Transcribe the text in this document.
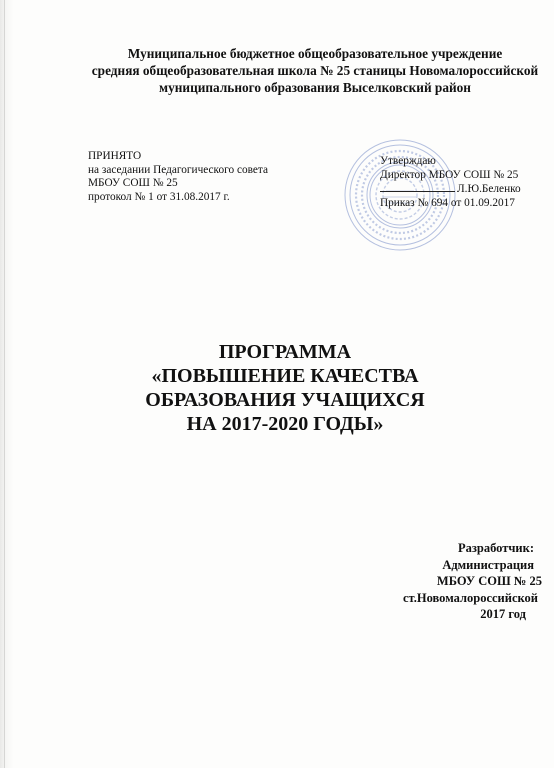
Муниципальное бюджетное общеобразовательное учреждение
средняя общеобразовательная школа № 25 станицы Новомалороссийской
муниципального образования Выселковский район
ПРИНЯТО
на заседании Педагогического совета
МБОУ СОШ № 25
протокол № 1 от 31.08.2017 г.
Утверждаю
Директор МБОУ СОШ № 25
Л.Ю.Беленко
Приказ № 694 от 01.09.2017
ПРОГРАММА
«ПОВЫШЕНИЕ КАЧЕСТВА
ОБРАЗОВАНИЯ УЧАЩИХСЯ
НА 2017-2020 ГОДЫ»
Разработчик:
Администрация
МБОУ СОШ № 25
ст.Новомалороссийской
2017 год
